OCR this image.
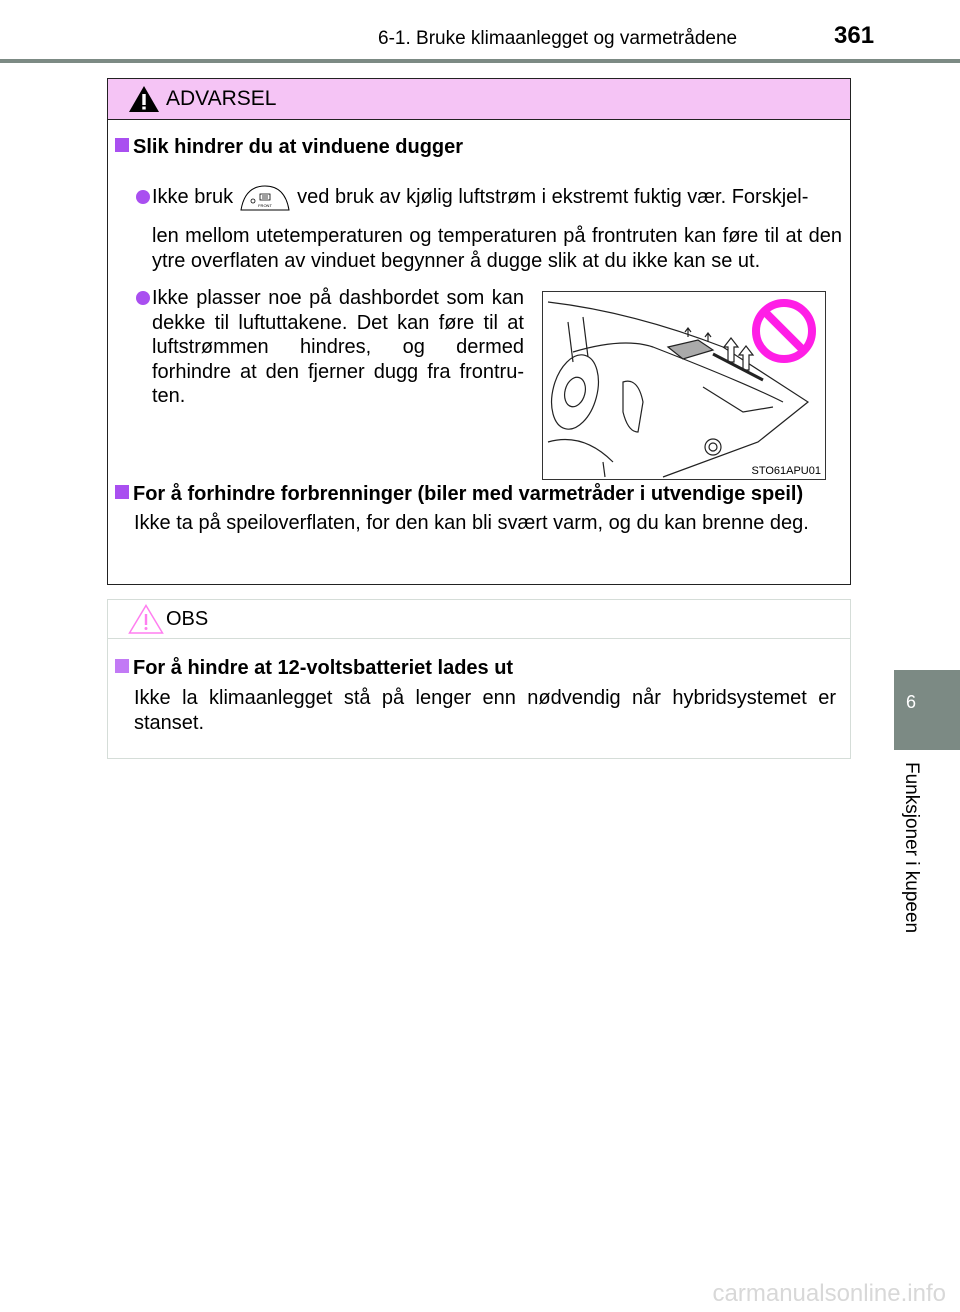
6-1. Bruke klimaanlegget og varmetrådene	361
ADVARSEL
Slik hindrer du at vinduene dugger
Ikke bruk	FRONT ved bruk av kjølig luftstrøm i ekstremt fuktig vær. Forskjel-
len mellom utetemperaturen og temperaturen på frontruten kan føre til at den ytre overflaten av vinduet begynner å dugge slik at du ikke kan se ut.
Ikke plasser noe på dashbordet som kan dekke til luftuttakene. Det kan føre til at luftstrømmen hindres, og dermed forhindre at den fjerner dugg fra frontru-ten.
STO61APU01
For å forhindre forbrenninger (biler med varmetråder i utvendige speil)
Ikke ta på speiloverflaten, for den kan bli svært varm, og du kan brenne deg.
OBS
For å hindre at 12-voltsbatteriet lades ut
Ikke la klimaanlegget stå på lenger enn nødvendig når hybridsystemet er stanset.
6
Funksjoner i kupeen
carmanualsonline.info
